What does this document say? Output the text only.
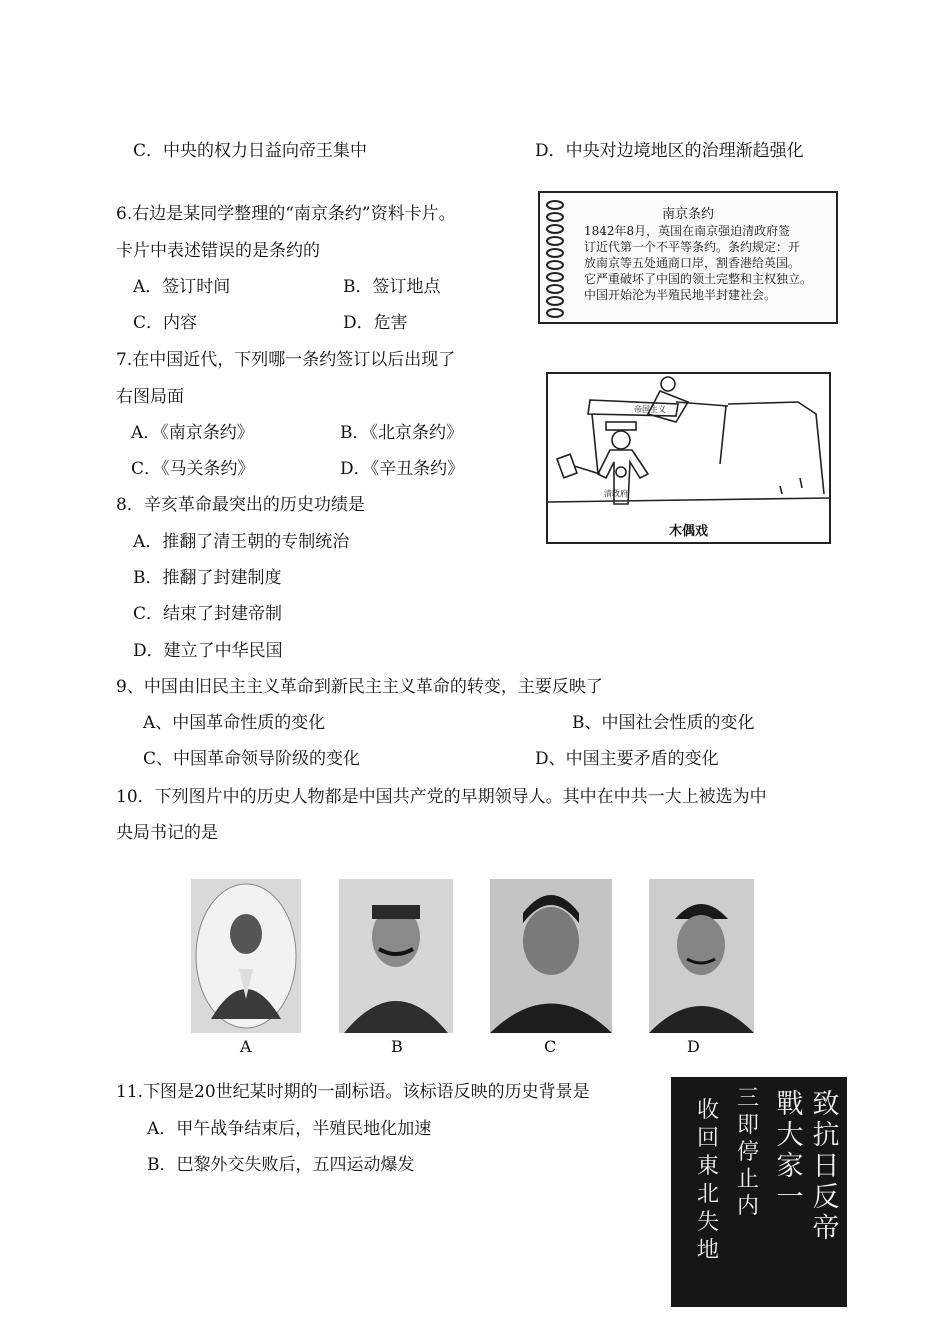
C．中央的权力日益向帝王集中	D．中央对边境地区的治理渐趋强化
6.右边是某同学整理的“南京条约”资料卡片。
卡片中表述错误的是条约的
A．签订时间	B．签订地点
C．内容	D．危害
南京条约
1842年8月，英国在南京强迫清政府签
订近代第一个不平等条约。条约规定：开
放南京等五处通商口岸，割香港给英国。
它严重破坏了中国的领土完整和主权独立。
中国开始沦为半殖民地半封建社会。
7.在中国近代，下列哪一条约签订以后出现了
右图局面
A．《南京条约》	B．《北京条约》
C．《马关条约》	D．《辛丑条约》
帝国主义
清政府
木偶戏
8．辛亥革命最突出的历史功绩是
A．推翻了清王朝的专制统治
B．推翻了封建制度
C．结束了封建帝制
D．建立了中华民国
9、中国由旧民主主义革命到新民主主义革命的转变，主要反映了
A、中国革命性质的变化	B、中国社会性质的变化
C、中国革命领导阶级的变化	D、中国主要矛盾的变化
10．下列图片中的历史人物都是中国共产党的早期领导人。其中在中共一大上被选为中
央局书记的是
A	B	C	D
11.下图是20世纪某时期的一副标语。该标语反映的历史背景是
A．甲午战争结束后，半殖民地化加速
B．巴黎外交失败后，五四运动爆发
致抗日反帝
戰大家一
三即停止内
收回東北失地
